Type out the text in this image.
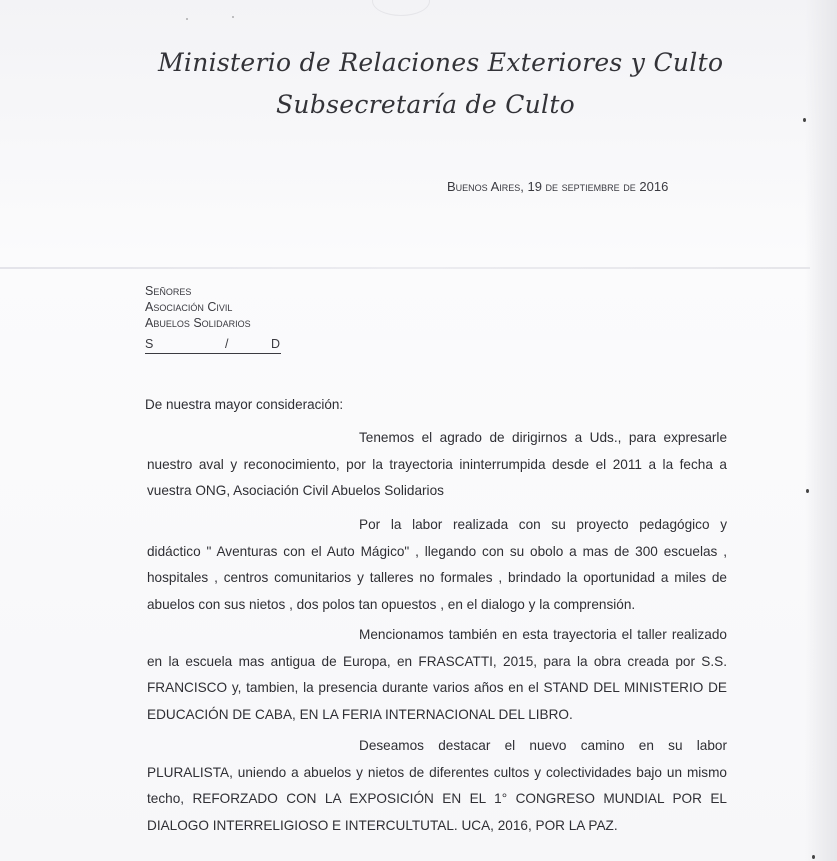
Ministerio de Relaciones Exteriores y Culto
Subsecretaría de Culto
Buenos Aires, 19 de septiembre de 2016
Señores
Asociación Civil
Abuelos Solidarios
S	/	D
De nuestra mayor consideración:
Tenemos el agrado de dirigirnos a Uds., para expresarle nuestro aval y reconocimiento, por la trayectoria ininterrumpida desde el 2011 a la fecha a vuestra ONG, Asociación Civil Abuelos Solidarios
Por la labor realizada con su proyecto pedagógico y didáctico " Aventuras con el Auto Mágico" , llegando con su obolo a mas de 300 escuelas , hospitales , centros comunitarios y talleres no formales , brindado la oportunidad a miles de abuelos con sus nietos , dos polos tan opuestos , en el dialogo y la comprensión.
Mencionamos también en esta trayectoria el taller realizado en la escuela mas antigua de Europa, en FRASCATTI, 2015, para la obra creada por S.S. FRANCISCO y, tambien, la presencia durante varios años en el STAND DEL MINISTERIO DE EDUCACIÓN DE CABA, EN LA FERIA INTERNACIONAL DEL LIBRO.
Deseamos destacar el nuevo camino en su labor PLURALISTA, uniendo a abuelos y nietos de diferentes cultos y colectividades bajo un mismo techo, REFORZADO CON LA EXPOSICIÓN EN EL 1° CONGRESO MUNDIAL POR EL DIALOGO INTERRELIGIOSO E INTERCULTUTAL. UCA, 2016, POR LA PAZ.
